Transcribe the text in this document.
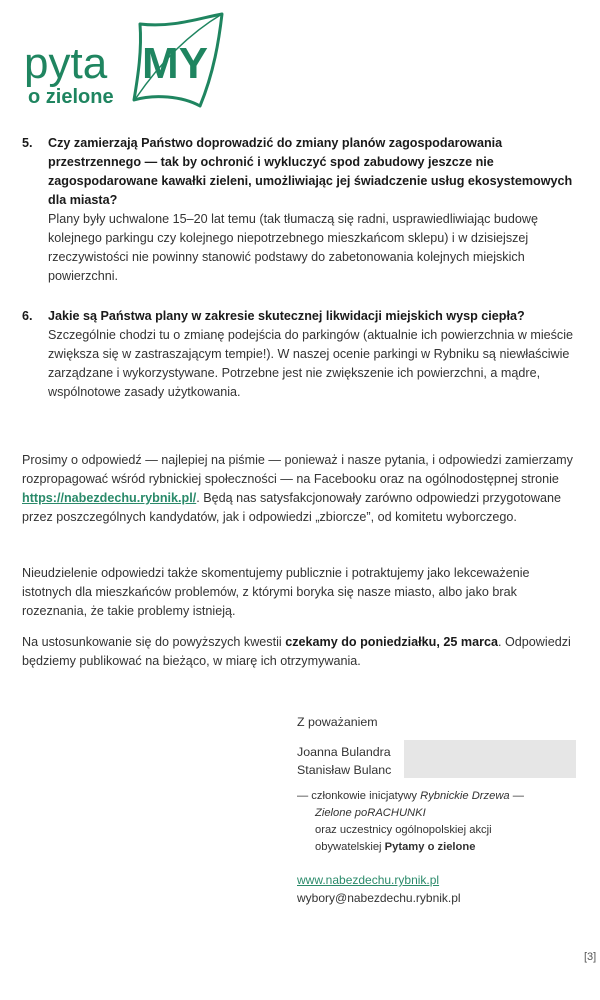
pyta MY
o zielone
5. Czy zamierzają Państwo doprowadzić do zmiany planów zagospodarowania przestrzennego — tak by ochronić i wykluczyć spod zabudowy jeszcze nie zagospodarowane kawałki zieleni, umożliwiając jej świadczenie usług ekosystemowych dla miasta?
Plany były uchwalone 15–20 lat temu (tak tłumaczą się radni, usprawiedliwiając budowę kolejnego parkingu czy kolejnego niepotrzebnego mieszkańcom sklepu) i w dzisiejszej rzeczywistości nie powinny stanowić podstawy do zabetonowania kolejnych miejskich powierzchni.
6. Jakie są Państwa plany w zakresie skutecznej likwidacji miejskich wysp ciepła?
Szczególnie chodzi tu o zmianę podejścia do parkingów (aktualnie ich powierzchnia w mieście zwiększa się w zastraszającym tempie!). W naszej ocenie parkingi w Rybniku są niewłaściwie zarządzane i wykorzystywane. Potrzebne jest nie zwiększenie ich powierzchni, a mądre, wspólnotowe zasady użytkowania.
Prosimy o odpowiedź — najlepiej na piśmie — ponieważ i nasze pytania, i odpowiedzi zamierzamy rozpropagować wśród rybnickiej społeczności — na Facebooku oraz na ogólnodostępnej stronie https://nabezdechu.rybnik.pl/. Będą nas satysfakcjonowały zarówno odpowiedzi przygotowane przez poszczególnych kandydatów, jak i odpowiedzi „zbiorcze”, od komitetu wyborczego.
Nieudzielenie odpowiedzi także skomentujemy publicznie i potraktujemy jako lekceważenie istotnych dla mieszkańców problemów, z którymi boryka się nasze miasto, albo jako brak rozeznania, że takie problemy istnieją.
Na ustosunkowanie się do powyższych kwestii czekamy do poniedziałku, 25 marca. Odpowiedzi będziemy publikować na bieżąco, w miarę ich otrzymywania.
Z poważaniem
Joanna Bulandra
Stanisław Bulanc
— członkowie inicjatywy Rybnickie Drzewa —
Zielone poRACHUNKI
oraz uczestnicy ogólnopolskiej akcji
obywatelskiej Pytamy o zielone
www.nabezdechu.rybnik.pl
wybory@nabezdechu.rybnik.pl
[3]
